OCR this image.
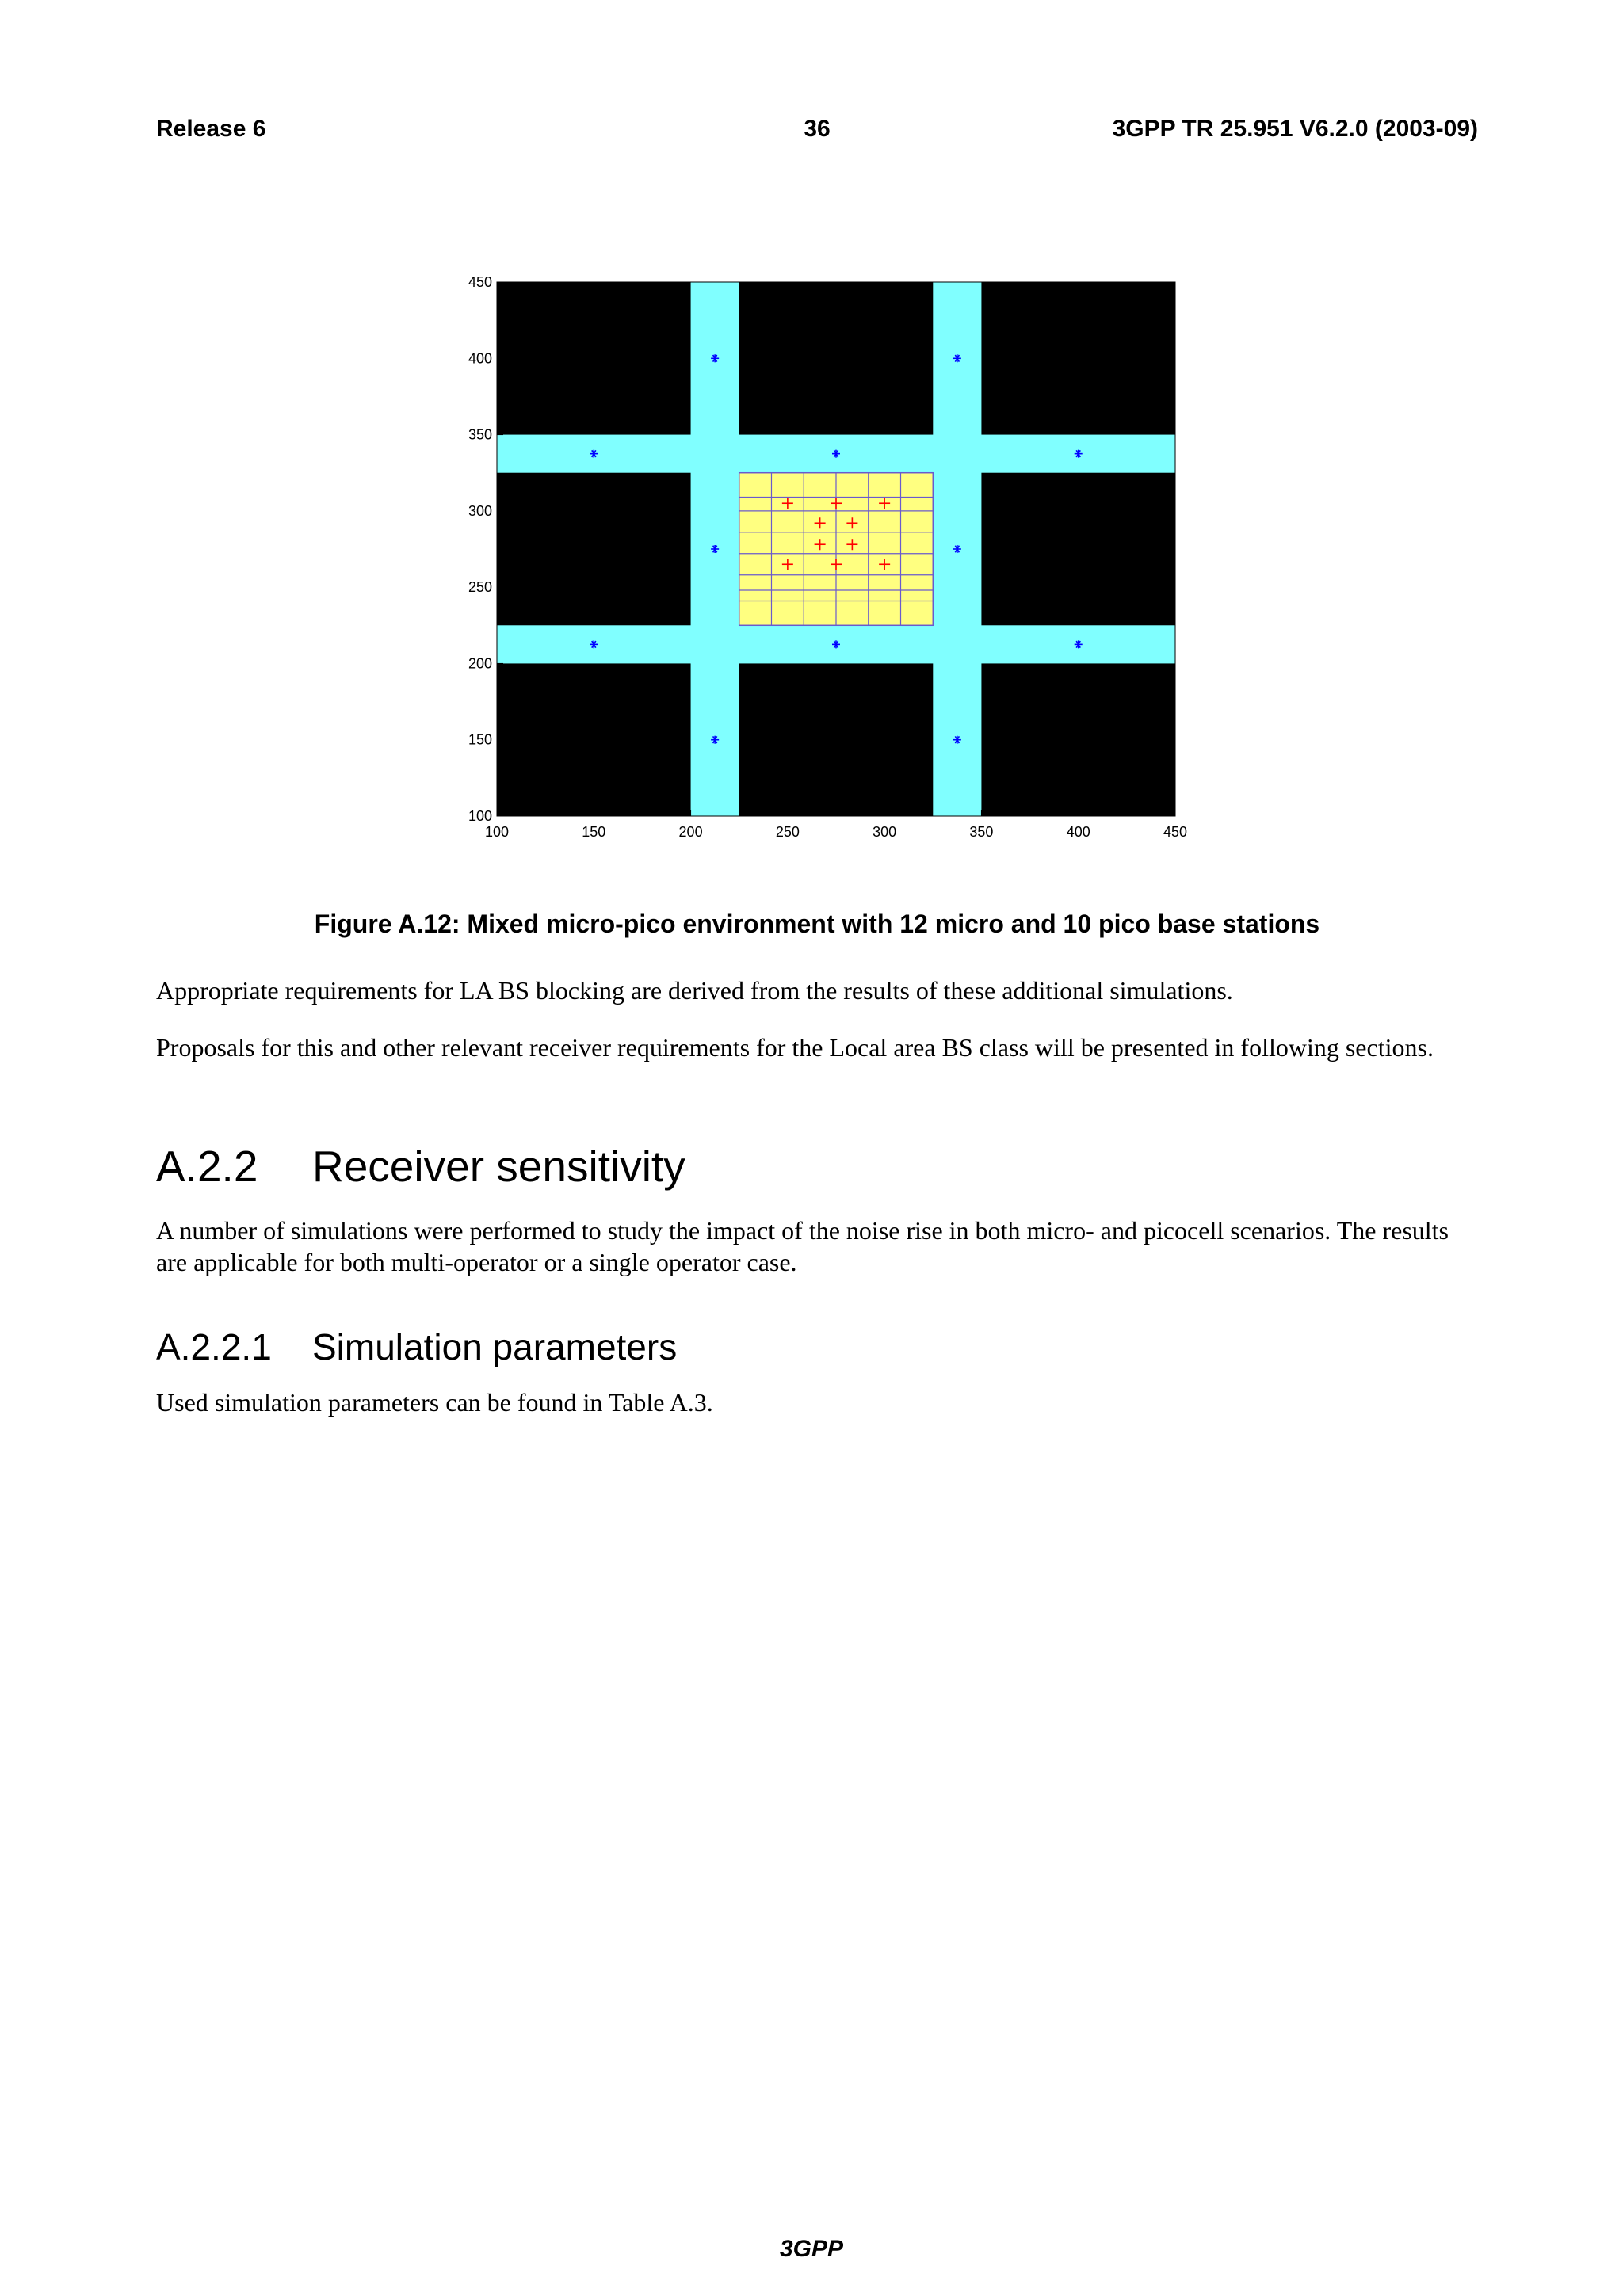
Release 6	36	3GPP TR 25.951 V6.2.0 (2003-09)
100	150	200	250	300	350	400	450
100
150
200
250
300
350
400
450
Figure A.12: Mixed micro-pico environment with 12 micro and 10 pico base stations

Appropriate requirements for LA BS blocking are derived from the results of these additional simulations.

Proposals for this and other relevant receiver requirements for the Local area BS class will be presented in following sections.

A.2.2 Receiver sensitivity

A number of simulations were performed to study the impact of the noise rise in both micro- and picocell scenarios. The results are applicable for both multi-operator or a single operator case.

A.2.2.1 Simulation parameters

Used simulation parameters can be found in Table A.3.

3GPP
